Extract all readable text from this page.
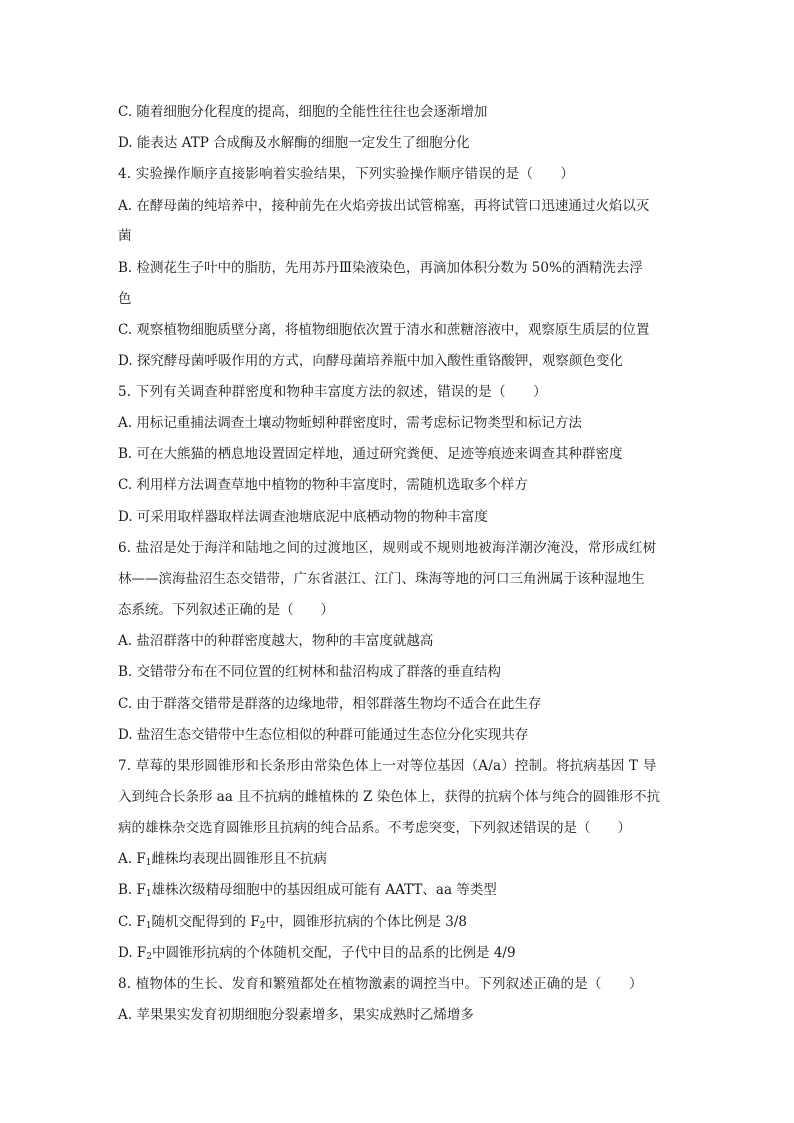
C. 随着细胞分化程度的提高，细胞的全能性往往也会逐渐增加
D. 能表达 ATP 合成酶及水解酶的细胞一定发生了细胞分化
4. 实验操作顺序直接影响着实验结果，下列实验操作顺序错误的是（　　）
A. 在酵母菌的纯培养中，接种前先在火焰旁拔出试管棉塞，再将试管口迅速通过火焰以灭
菌
B. 检测花生子叶中的脂肪，先用苏丹Ⅲ染液染色，再滴加体积分数为 50%的酒精洗去浮
色
C. 观察植物细胞质壁分离，将植物细胞依次置于清水和蔗糖溶液中，观察原生质层的位置
D. 探究酵母菌呼吸作用的方式，向酵母菌培养瓶中加入酸性重铬酸钾，观察颜色变化
5. 下列有关调查种群密度和物种丰富度方法的叙述，错误的是（　　）
A. 用标记重捕法调查土壤动物蚯蚓种群密度时，需考虑标记物类型和标记方法
B. 可在大熊猫的栖息地设置固定样地，通过研究粪便、足迹等痕迹来调查其种群密度
C. 利用样方法调查草地中植物的物种丰富度时，需随机选取多个样方
D. 可采用取样器取样法调查池塘底泥中底栖动物的物种丰富度
6. 盐沼是处于海洋和陆地之间的过渡地区，规则或不规则地被海洋潮汐淹没，常形成红树
林——滨海盐沼生态交错带，广东省湛江、江门、珠海等地的河口三角洲属于该种湿地生
态系统。下列叙述正确的是（　　）
A. 盐沼群落中的种群密度越大，物种的丰富度就越高
B. 交错带分布在不同位置的红树林和盐沼构成了群落的垂直结构
C. 由于群落交错带是群落的边缘地带，相邻群落生物均不适合在此生存
D. 盐沼生态交错带中生态位相似的种群可能通过生态位分化实现共存
7. 草莓的果形圆锥形和长条形由常染色体上一对等位基因（A/a）控制。将抗病基因 T 导
入到纯合长条形 aa 且不抗病的雌植株的 Z 染色体上，获得的抗病个体与纯合的圆锥形不抗
病的雄株杂交选育圆锥形且抗病的纯合品系。不考虑突变，下列叙述错误的是（　　）
A. $F_1$雌株均表现出圆锥形且不抗病
B. $F_1$雄株次级精母细胞中的基因组成可能有 AATT、aa 等类型
C. $F_1$随机交配得到的 $F_2$中，圆锥形抗病的个体比例是 3/8
D. $F_2$中圆锥形抗病的个体随机交配，子代中目的品系的比例是 4/9
8. 植物体的生长、发育和繁殖都处在植物激素的调控当中。下列叙述正确的是（　　）
A. 苹果果实发育初期细胞分裂素增多，果实成熟时乙烯增多
